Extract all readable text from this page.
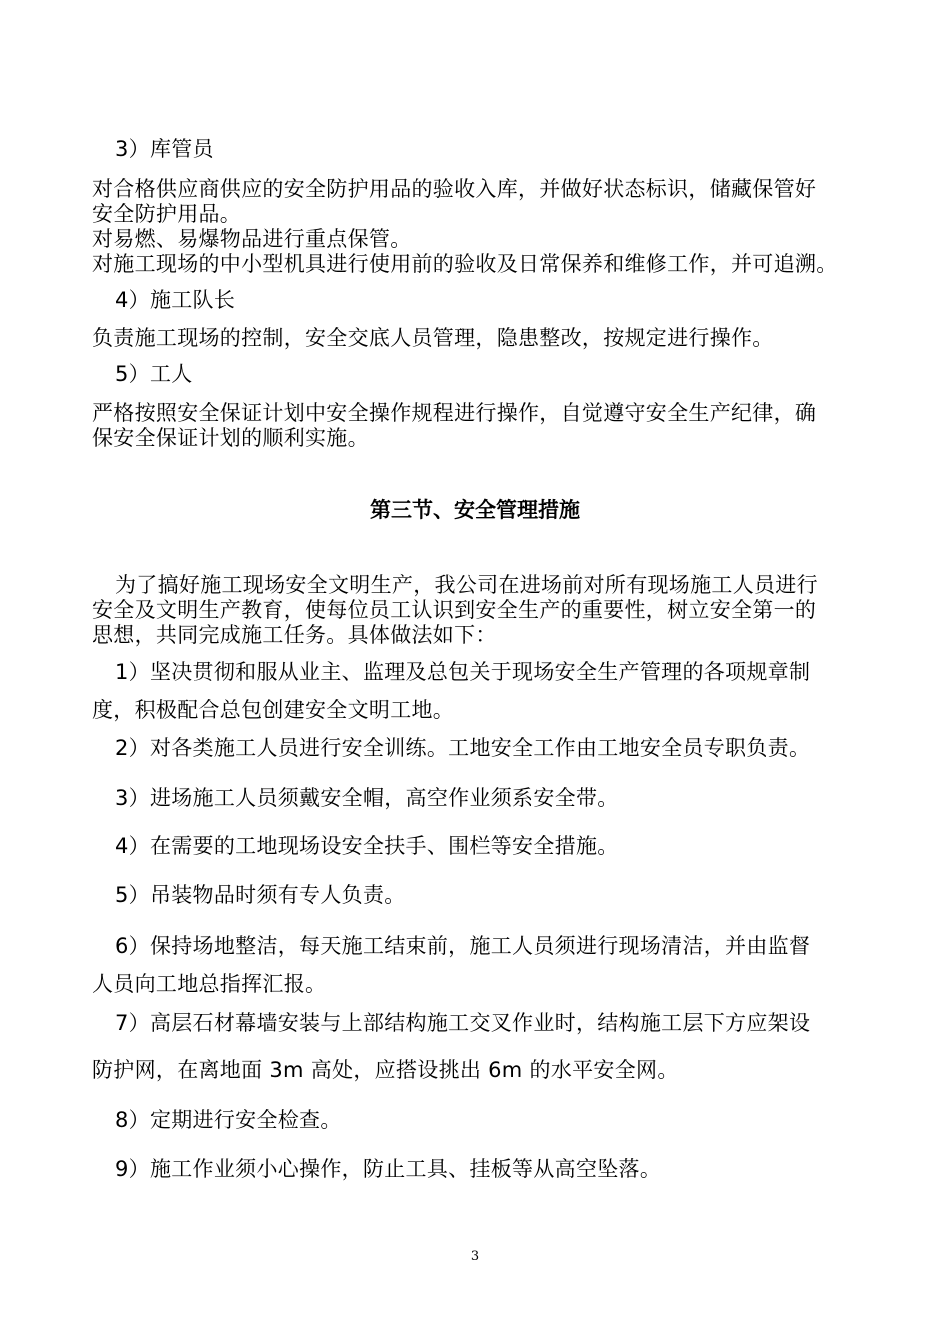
3）库管员
对合格供应商供应的安全防护用品的验收入库，并做好状态标识，储藏保管好
安全防护用品。
对易燃、易爆物品进行重点保管。
对施工现场的中小型机具进行使用前的验收及日常保养和维修工作，并可追溯。
4）施工队长
负责施工现场的控制，安全交底人员管理，隐患整改，按规定进行操作。
5）工人
严格按照安全保证计划中安全操作规程进行操作，自觉遵守安全生产纪律，确
保安全保证计划的顺利实施。
第三节、安全管理措施
为了搞好施工现场安全文明生产，我公司在进场前对所有现场施工人员进行
安全及文明生产教育，使每位员工认识到安全生产的重要性，树立安全第一的
思想，共同完成施工任务。具体做法如下：
1）坚决贯彻和服从业主、监理及总包关于现场安全生产管理的各项规章制
度，积极配合总包创建安全文明工地。
2）对各类施工人员进行安全训练。工地安全工作由工地安全员专职负责。
3）进场施工人员须戴安全帽，高空作业须系安全带。
4）在需要的工地现场设安全扶手、围栏等安全措施。
5）吊装物品时须有专人负责。
6）保持场地整洁，每天施工结束前，施工人员须进行现场清洁，并由监督
人员向工地总指挥汇报。
7）高层石材幕墙安装与上部结构施工交叉作业时，结构施工层下方应架设
防护网，在离地面 3m 高处，应搭设挑出 6m 的水平安全网。
8）定期进行安全检查。
9）施工作业须小心操作，防止工具、挂板等从高空坠落。
3
